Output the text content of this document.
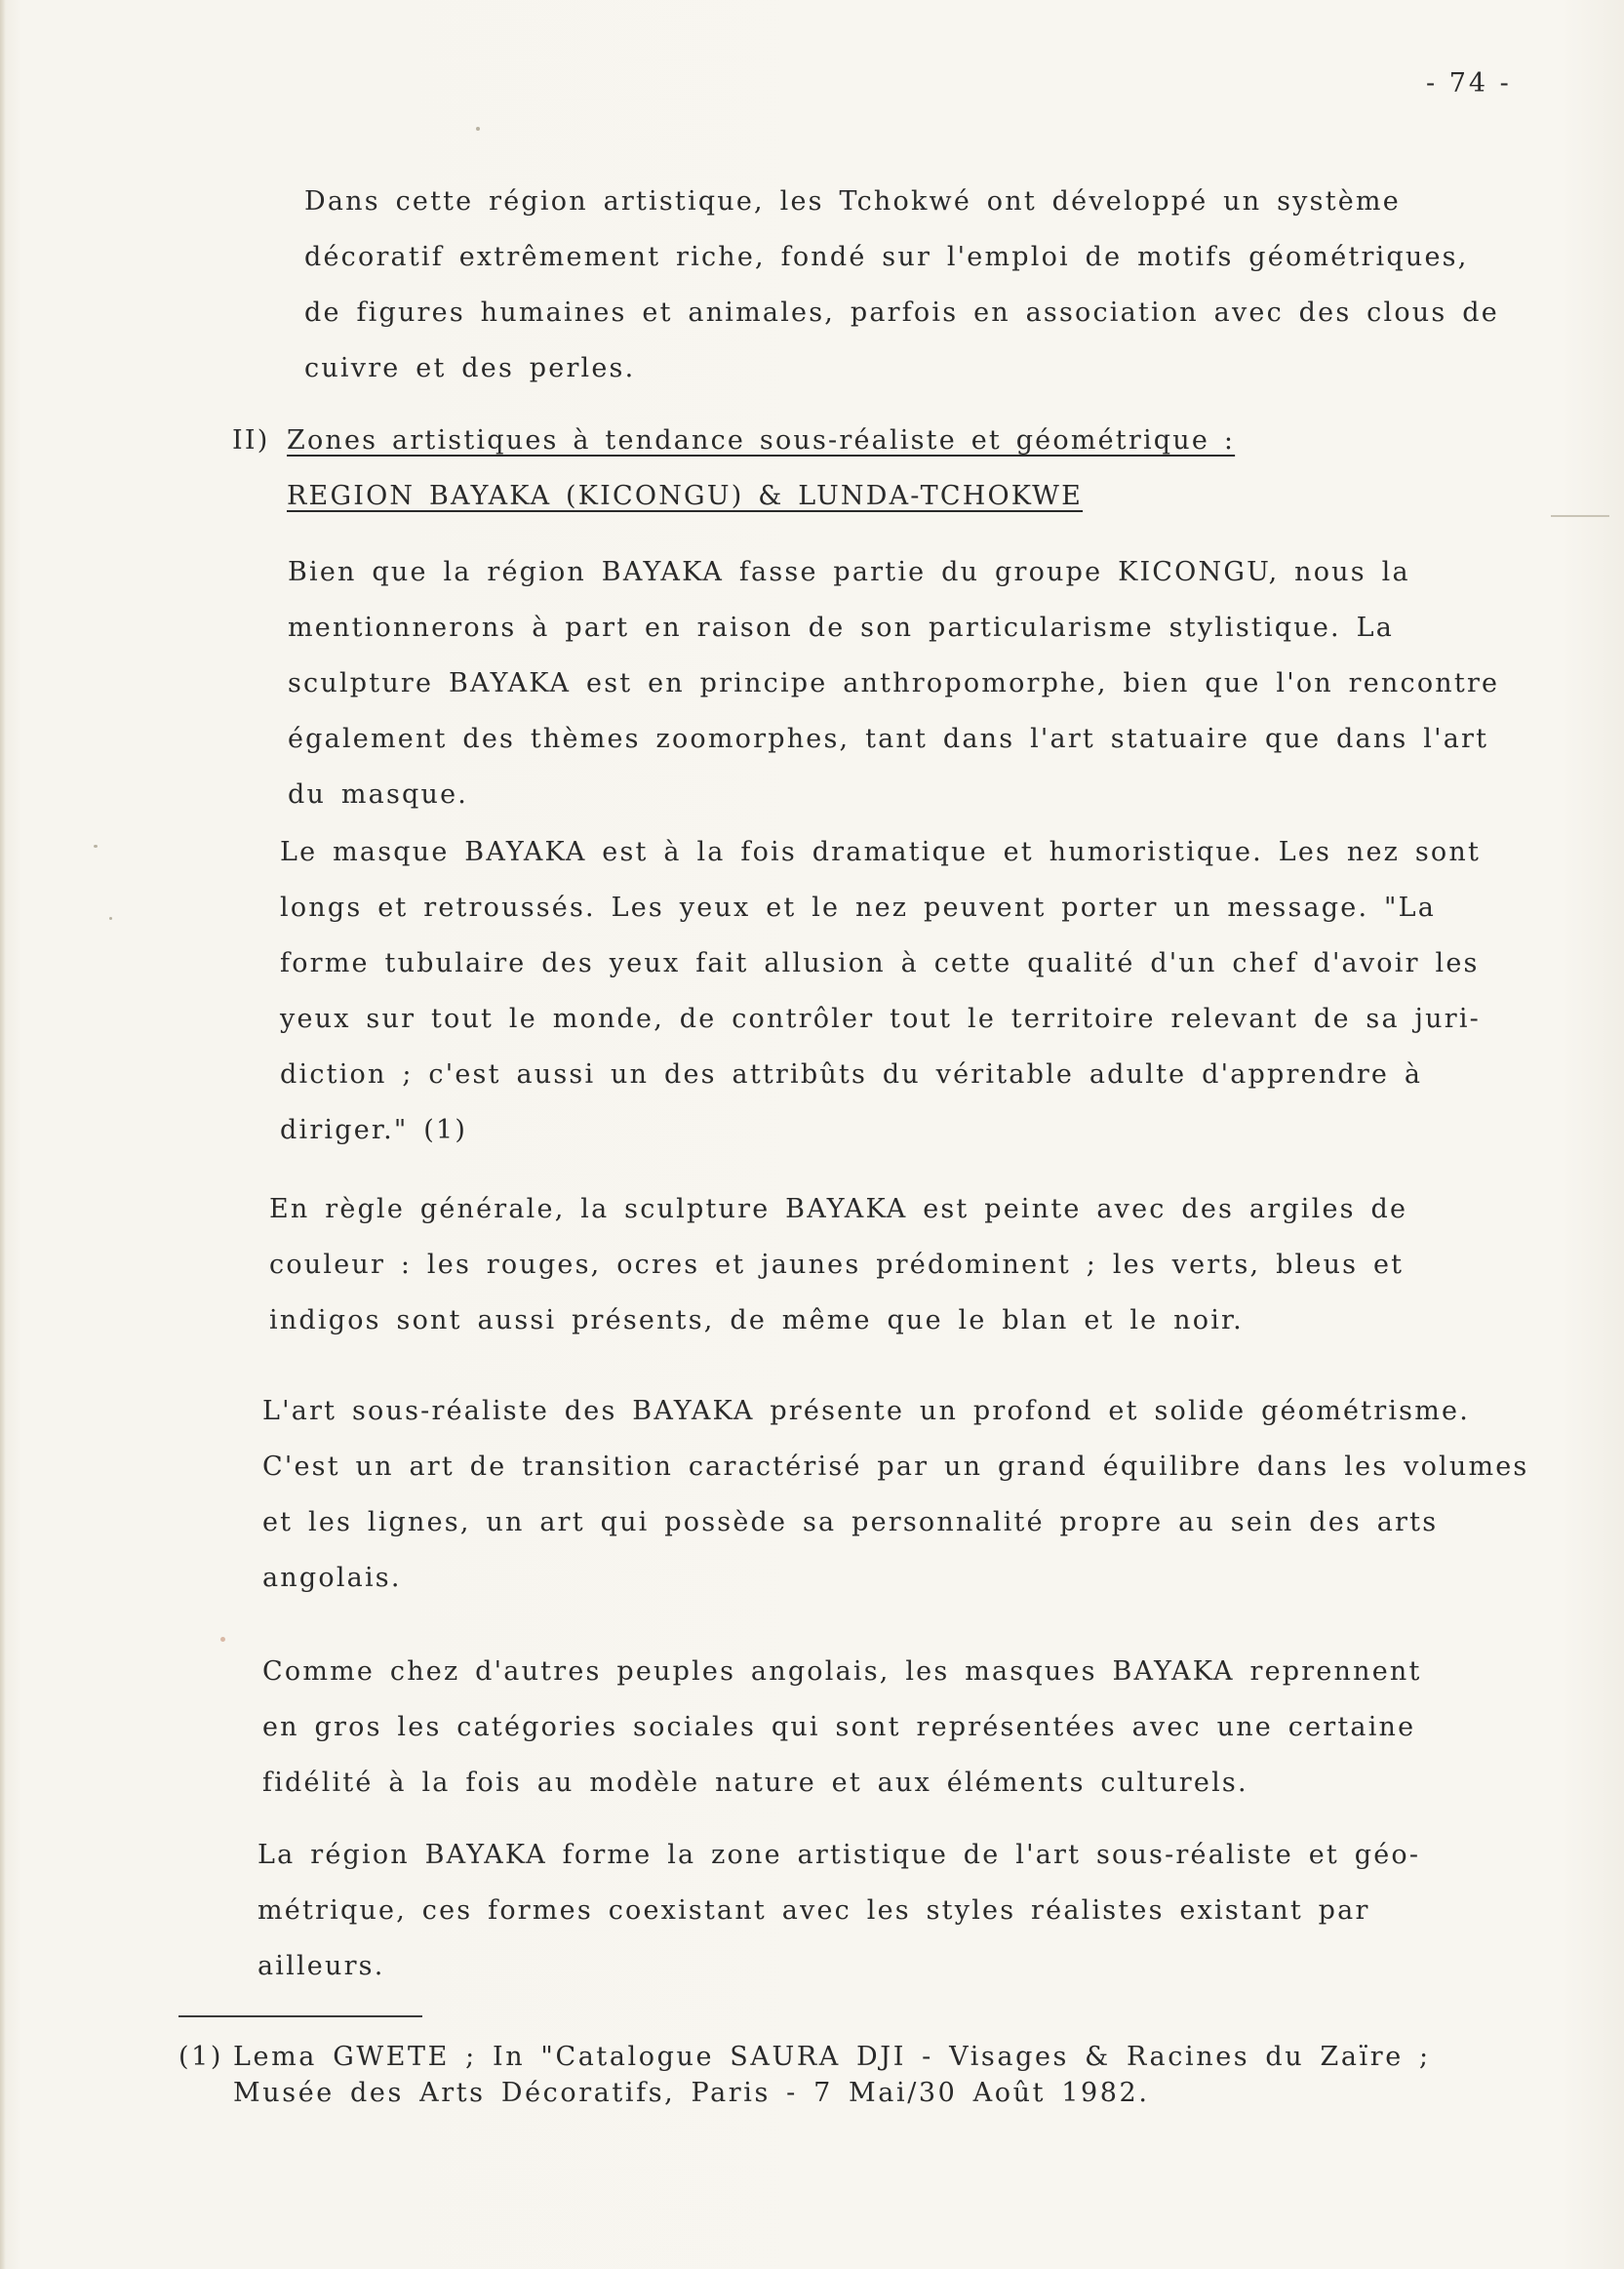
- 74 -
Dans cette région artistique, les Tchokwé ont développé un système
décoratif extrêmement riche, fondé sur l'emploi de motifs géométriques,
de figures humaines et animales, parfois en association avec des clous de
cuivre et des perles.
II) Zones artistiques à tendance sous-réaliste et géométrique :
REGION BAYAKA (KICONGU) & LUNDA-TCHOKWE
Bien que la région BAYAKA fasse partie du groupe KICONGU, nous la
mentionnerons à part en raison de son particularisme stylistique. La
sculpture BAYAKA est en principe anthropomorphe, bien que l'on rencontre
également des thèmes zoomorphes, tant dans l'art statuaire que dans l'art
du masque.
Le masque BAYAKA est à la fois dramatique et humoristique. Les nez sont
longs et retroussés. Les yeux et le nez peuvent porter un message. "La
forme tubulaire des yeux fait allusion à cette qualité d'un chef d'avoir les
yeux sur tout le monde, de contrôler tout le territoire relevant de sa juri-
diction ; c'est aussi un des attribûts du véritable adulte d'apprendre à
diriger." (1)
En règle générale, la sculpture BAYAKA est peinte avec des argiles de
couleur : les rouges, ocres et jaunes prédominent ; les verts, bleus et
indigos sont aussi présents, de même que le blan et le noir.
L'art sous-réaliste des BAYAKA présente un profond et solide géométrisme.
C'est un art de transition caractérisé par un grand équilibre dans les volumes
et les lignes, un art qui possède sa personnalité propre au sein des arts
angolais.
Comme chez d'autres peuples angolais, les masques BAYAKA reprennent
en gros les catégories sociales qui sont représentées avec une certaine
fidélité à la fois au modèle nature et aux éléments culturels.
La région BAYAKA forme la zone artistique de l'art sous-réaliste et géo-
métrique, ces formes coexistant avec les styles réalistes existant par
ailleurs.
(1) Lema GWETE ; In "Catalogue SAURA DJI - Visages & Racines du Zaïre ;
Musée des Arts Décoratifs, Paris - 7 Mai/30 Août 1982.
